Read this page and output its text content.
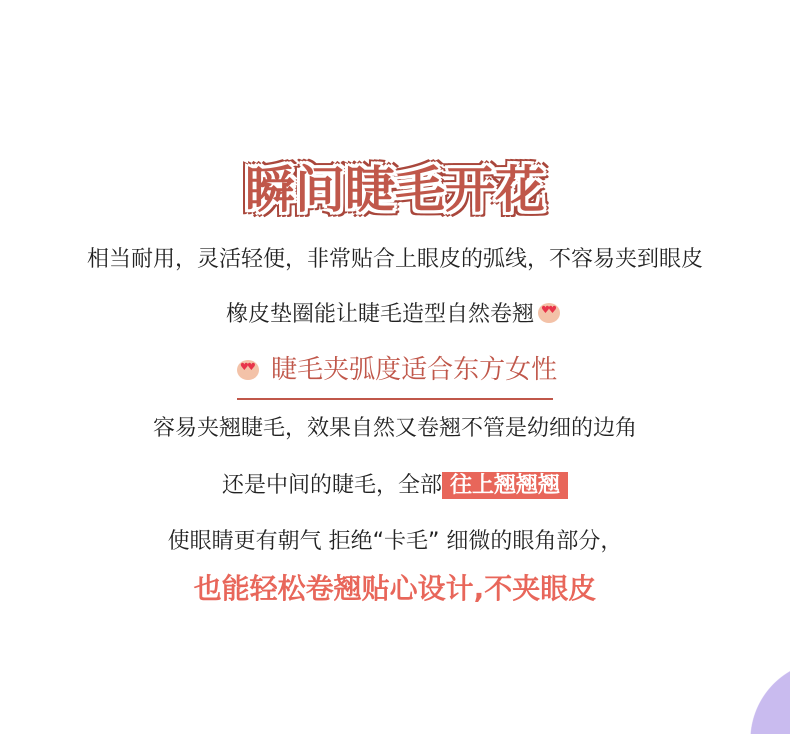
瞬间睫毛开花
相当耐用，灵活轻便，非常贴合上眼皮的弧线，不容易夹到眼皮
橡皮垫圈能让睫毛造型自然卷翘♥ ♥
♥ ♥ 睫毛夹弧度适合东方女性
容易夹翘睫毛，效果自然又卷翘不管是幼细的边角
还是中间的睫毛，全部 往上翘翘翘
使眼睛更有朝气 拒绝“卡毛” 细微的眼角部分，
也能轻松卷翘贴心设计,不夹眼皮
